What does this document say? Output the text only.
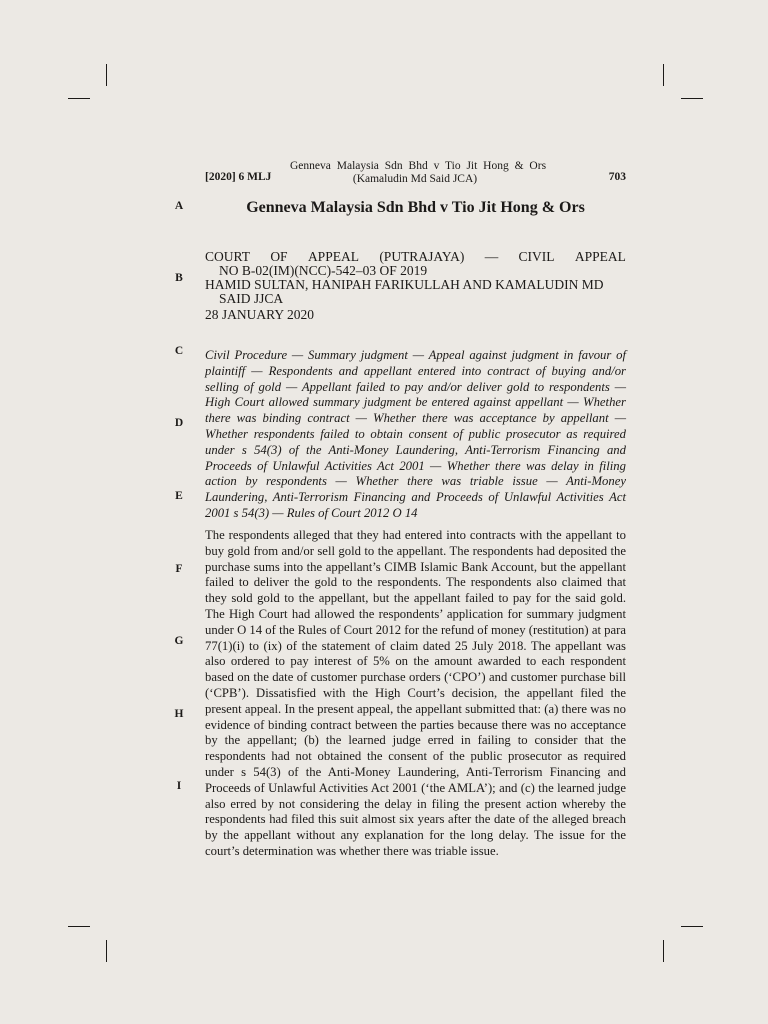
[2020] 6 MLJ
Genneva Malaysia Sdn Bhd v Tio Jit Hong & Ors
(Kamaludin Md Said JCA)	703
A
B
C
D
E
F
G
H
I
Genneva Malaysia Sdn Bhd v Tio Jit Hong & Ors
COURT OF APPEAL (PUTRAJAYA) — CIVIL APPEAL
NO B-02(IM)(NCC)-542–03 OF 2019
HAMID SULTAN, HANIPAH FARIKULLAH AND KAMALUDIN MD
SAID JJCA
28 JANUARY 2020
Civil Procedure — Summary judgment — Appeal against judgment in favour of plaintiff — Respondents and appellant entered into contract of buying and/or selling of gold — Appellant failed to pay and/or deliver gold to respondents — High Court allowed summary judgment be entered against appellant — Whether there was binding contract — Whether there was acceptance by appellant — Whether respondents failed to obtain consent of public prosecutor as required under s 54(3) of the Anti-Money Laundering, Anti-Terrorism Financing and Proceeds of Unlawful Activities Act 2001 — Whether there was delay in filing action by respondents — Whether there was triable issue — Anti-Money Laundering, Anti-Terrorism Financing and Proceeds of Unlawful Activities Act 2001 s 54(3) — Rules of Court 2012 O 14
The respondents alleged that they had entered into contracts with the appellant to buy gold from and/or sell gold to the appellant. The respondents had deposited the purchase sums into the appellant’s CIMB Islamic Bank Account, but the appellant failed to deliver the gold to the respondents. The respondents also claimed that they sold gold to the appellant, but the appellant failed to pay for the said gold. The High Court had allowed the respondents’ application for summary judgment under O 14 of the Rules of Court 2012 for the refund of money (restitution) at para 77(1)(i) to (ix) of the statement of claim dated 25 July 2018. The appellant was also ordered to pay interest of 5% on the amount awarded to each respondent based on the date of customer purchase orders (‘CPO’) and customer purchase bill (‘CPB’). Dissatisfied with the High Court’s decision, the appellant filed the present appeal. In the present appeal, the appellant submitted that: (a) there was no evidence of binding contract between the parties because there was no acceptance by the appellant; (b) the learned judge erred in failing to consider that the respondents had not obtained the consent of the public prosecutor as required under s 54(3) of the Anti-Money Laundering, Anti-Terrorism Financing and Proceeds of Unlawful Activities Act 2001 (‘the AMLA’); and (c) the learned judge also erred by not considering the delay in filing the present action whereby the respondents had filed this suit almost six years after the date of the alleged breach by the appellant without any explanation for the long delay. The issue for the court’s determination was whether there was triable issue.
